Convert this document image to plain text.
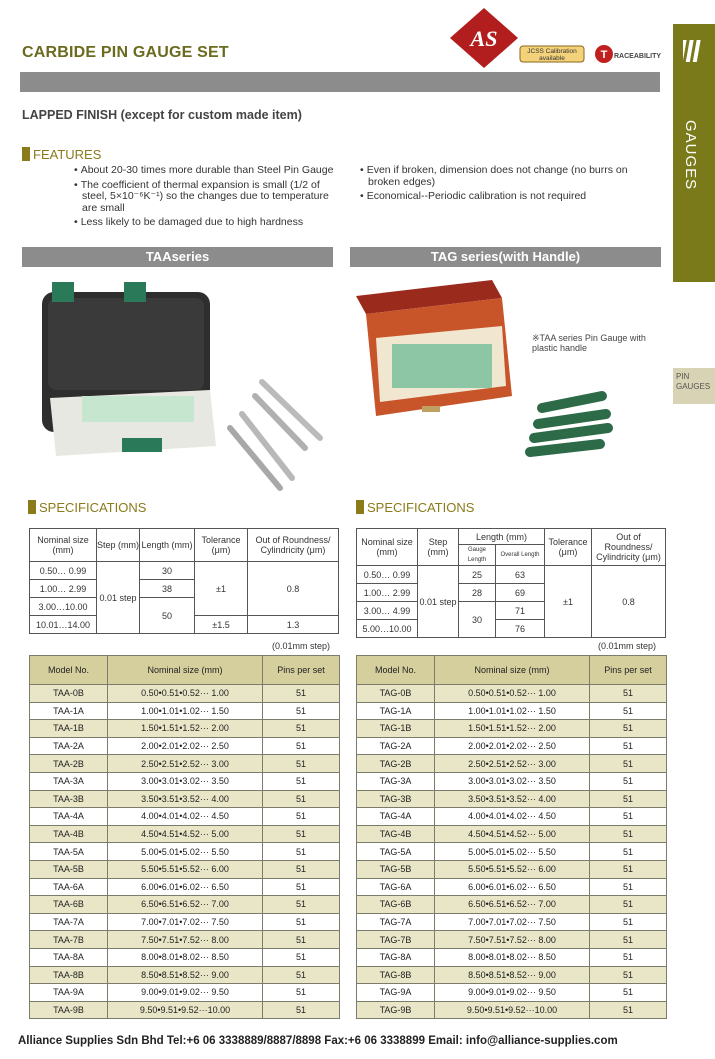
CARBIDE PIN GAUGE SET
AS
JCSS Calibration
available	T RACEABILITY
GAUGES
PIN
GAUGES
LAPPED FINISH (except for custom made item)
FEATURES
• About 20-30 times more durable than Steel Pin Gauge
• The coefficient of thermal expansion is small (1/2 of steel, 5×10⁻⁶K⁻¹) so the changes due to temperature are small
• Less likely to be damaged due to high hardness
• Even if broken, dimension does not change (no burrs on broken edges)
• Economical--Periodic calibration is not required
TAAseries	TAG series(with Handle)
※TAA series Pin Gauge with plastic handle
SPECIFICATIONS	SPECIFICATIONS
Nominal size (mm)	Step (mm)	Length (mm)	Tolerance (μm)	Out of Roundness/ Cylindricity (μm)
0.50… 0.99	0.01 step	30	±1	0.8
1.00… 2.99		38		
3.00…10.00		50		
10.01…14.00			±1.5	1.3
Nominal size (mm)	Step (mm)	Length (mm)		Tolerance (μm)	Out of Roundness/ Cylindricity (μm)
		Gauge Length	Overall Length		
0.50… 0.99	0.01 step	25	63	±1	0.8
1.00… 2.99		28	69		
3.00… 4.99		30	71		
5.00…10.00			76		
(0.01mm step)	(0.01mm step)
Model No.	Nominal size (mm)	Pins per set
TAA-0B	0.50•0.51•0.52··· 1.00	51
TAA-1A	1.00•1.01•1.02··· 1.50	51
TAA-1B	1.50•1.51•1.52··· 2.00	51
TAA-2A	2.00•2.01•2.02··· 2.50	51
TAA-2B	2.50•2.51•2.52··· 3.00	51
TAA-3A	3.00•3.01•3.02··· 3.50	51
TAA-3B	3.50•3.51•3.52··· 4.00	51
TAA-4A	4.00•4.01•4.02··· 4.50	51
TAA-4B	4.50•4.51•4.52··· 5.00	51
TAA-5A	5.00•5.01•5.02··· 5.50	51
TAA-5B	5.50•5.51•5.52··· 6.00	51
TAA-6A	6.00•6.01•6.02··· 6.50	51
TAA-6B	6.50•6.51•6.52··· 7.00	51
TAA-7A	7.00•7.01•7.02··· 7.50	51
TAA-7B	7.50•7.51•7.52··· 8.00	51
TAA-8A	8.00•8.01•8.02··· 8.50	51
TAA-8B	8.50•8.51•8.52··· 9.00	51
TAA-9A	9.00•9.01•9.02··· 9.50	51
TAA-9B	9.50•9.51•9.52···10.00	51
Model No.	Nominal size (mm)	Pins per set
TAG-0B	0.50•0.51•0.52··· 1.00	51
TAG-1A	1.00•1.01•1.02··· 1.50	51
TAG-1B	1.50•1.51•1.52··· 2.00	51
TAG-2A	2.00•2.01•2.02··· 2.50	51
TAG-2B	2.50•2.51•2.52··· 3.00	51
TAG-3A	3.00•3.01•3.02··· 3.50	51
TAG-3B	3.50•3.51•3.52··· 4.00	51
TAG-4A	4.00•4.01•4.02··· 4.50	51
TAG-4B	4.50•4.51•4.52··· 5.00	51
TAG-5A	5.00•5.01•5.02··· 5.50	51
TAG-5B	5.50•5.51•5.52··· 6.00	51
TAG-6A	6.00•6.01•6.02··· 6.50	51
TAG-6B	6.50•6.51•6.52··· 7.00	51
TAG-7A	7.00•7.01•7.02··· 7.50	51
TAG-7B	7.50•7.51•7.52··· 8.00	51
TAG-8A	8.00•8.01•8.02··· 8.50	51
TAG-8B	8.50•8.51•8.52··· 9.00	51
TAG-9A	9.00•9.01•9.02··· 9.50	51
TAG-9B	9.50•9.51•9.52···10.00	51
Alliance Supplies Sdn Bhd Tel:+6 06 3338889/8887/8898 Fax:+6 06 3338899 Email: info@alliance-supplies.com
